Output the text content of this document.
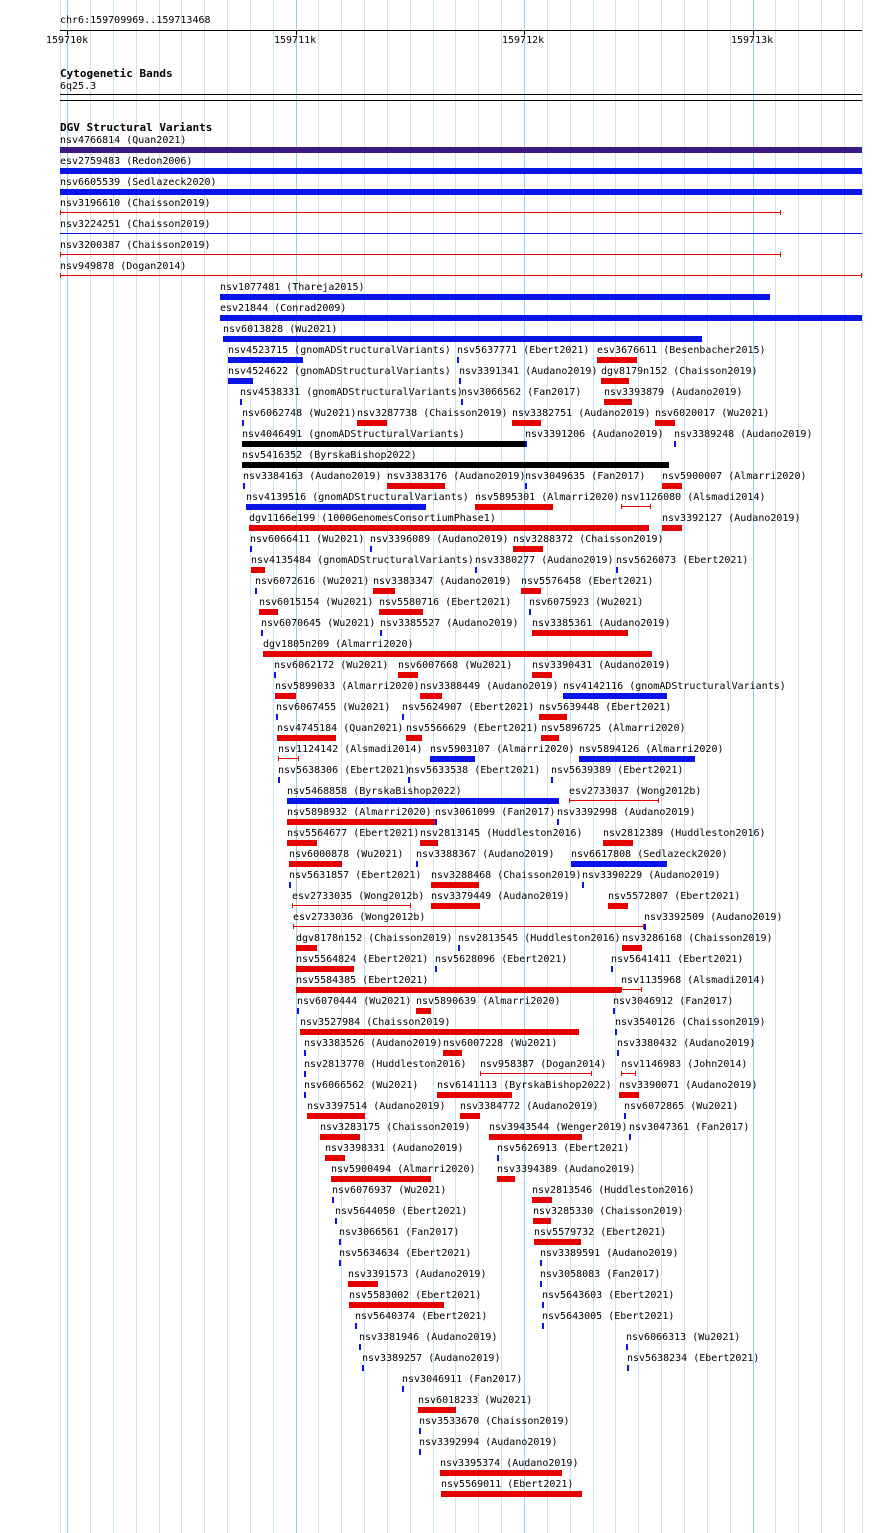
chr6:159709969..159713468
159710k	159711k	159712k	159713k
Cytogenetic Bands
6q25.3
DGV Structural Variants
nsv4766814 (Quan2021)
esv2759483 (Redon2006)
nsv6605539 (Sedlazeck2020)
nsv3196610 (Chaisson2019)
nsv3224251 (Chaisson2019)
nsv3200387 (Chaisson2019)
nsv949878 (Dogan2014)
nsv1077481 (Thareja2015)
esv21844 (Conrad2009)
nsv6013828 (Wu2021)
nsv4523715 (gnomADStructuralVariants) nsv5637771 (Ebert2021) esv3676611 (Besenbacher2015)
nsv4524622 (gnomADStructuralVariants) nsv3391341 (Audano2019) dgv8179n152 (Chaisson2019)
nsv4538331 (gnomADStructuralVariants)
nsv3066562 (Fan2017) nsv3393879 (Audano2019)
nsv6062748 (Wu2021) nsv3287738 (Chaisson2019) nsv3382751 (Audano2019) nsv6020017 (Wu2021)
nsv4046491 (gnomADStructuralVariants)	nsv3391206 (Audano2019) nsv3389248 (Audano2019)
nsv5416352 (ByrskaBishop2022)
nsv3384163 (Audano2019) nsv3383176 (Audano2019) nsv3049635 (Fan2017) nsv5900007 (Almarri2020)
nsv4139516 (gnomADStructuralVariants) nsv5895301 (Almarri2020) nsv1126080 (Alsmadi2014)
dgv1166e199 (1000GenomesConsortiumPhase1)	nsv3392127 (Audano2019)
nsv6066411 (Wu2021) nsv3396089 (Audano2019) nsv3288372 (Chaisson2019)
nsv4135484 (gnomADStructuralVariants) nsv3380277 (Audano2019) nsv5626073 (Ebert2021)
nsv6072616 (Wu2021) nsv3383347 (Audano2019) nsv5576458 (Ebert2021)
nsv6015154 (Wu2021) nsv5580716 (Ebert2021) nsv6075923 (Wu2021)
nsv6070645 (Wu2021) nsv3385527 (Audano2019) nsv3385361 (Audano2019)
dgv1805n209 (Almarri2020)
nsv6062172 (Wu2021) nsv6007668 (Wu2021) nsv3390431 (Audano2019)
nsv5899033 (Almarri2020) nsv3388449 (Audano2019) nsv4142116 (gnomADStructuralVariants)
nsv6067455 (Wu2021) nsv5624907 (Ebert2021) nsv5639448 (Ebert2021)
nsv4745184 (Quan2021) nsv5566629 (Ebert2021) nsv5896725 (Almarri2020)
nsv1124142 (Alsmadi2014) nsv5903107 (Almarri2020) nsv5894126 (Almarri2020)
nsv5638306 (Ebert2021)
nsv5633538 (Ebert2021) nsv5639389 (Ebert2021)
nsv5468858 (ByrskaBishop2022)	esv2733037 (Wong2012b)
nsv5898932 (Almarri2020) nsv3061099 (Fan2017) nsv3392998 (Audano2019)
nsv5564677 (Ebert2021) nsv2813145 (Huddleston2016) nsv2812389 (Huddleston2016)
nsv6000878 (Wu2021) nsv3388367 (Audano2019) nsv6617808 (Sedlazeck2020)
nsv5631857 (Ebert2021) nsv3288468 (Chaisson2019) nsv3390229 (Audano2019)
esv2733035 (Wong2012b) nsv3379449 (Audano2019)	nsv5572807 (Ebert2021)
esv2733036 (Wong2012b)	nsv3392509 (Audano2019)
dgv8178n152 (Chaisson2019) nsv2813545 (Huddleston2016) nsv3286168 (Chaisson2019)
nsv5564824 (Ebert2021) nsv5628096 (Ebert2021)	nsv5641411 (Ebert2021)
nsv5584385 (Ebert2021)	nsv1135968 (Alsmadi2014)
nsv6070444 (Wu2021) nsv5890639 (Almarri2020)	nsv3046912 (Fan2017)
nsv3527984 (Chaisson2019)	nsv3540126 (Chaisson2019)
nsv3383526 (Audano2019) nsv6007228 (Wu2021)	nsv3380432 (Audano2019)
nsv2813770 (Huddleston2016) nsv958387 (Dogan2014) nsv1146983 (John2014)
nsv6066562 (Wu2021) nsv6141113 (ByrskaBishop2022) nsv3390071 (Audano2019)
nsv3397514 (Audano2019) nsv3384772 (Audano2019)	nsv6072865 (Wu2021)
nsv3283175 (Chaisson2019) nsv3943544 (Wenger2019) nsv3047361 (Fan2017)
nsv3398331 (Audano2019)	nsv5626913 (Ebert2021)
nsv5900494 (Almarri2020) nsv3394389 (Audano2019)
nsv6076937 (Wu2021)	nsv2813546 (Huddleston2016)
nsv5644050 (Ebert2021)	nsv3285330 (Chaisson2019)
nsv3066561 (Fan2017)	nsv5579732 (Ebert2021)
nsv5634634 (Ebert2021)	nsv3389591 (Audano2019)
nsv3391573 (Audano2019)	nsv3058083 (Fan2017)
nsv5583002 (Ebert2021)	nsv5643603 (Ebert2021)
nsv5640374 (Ebert2021)	nsv5643005 (Ebert2021)
nsv3381946 (Audano2019)	nsv6066313 (Wu2021)
nsv3389257 (Audano2019)	nsv5638234 (Ebert2021)
nsv3046911 (Fan2017)
nsv6018233 (Wu2021)
nsv3533670 (Chaisson2019)
nsv3392994 (Audano2019)
nsv3395374 (Audano2019)
nsv5569011 (Ebert2021)
